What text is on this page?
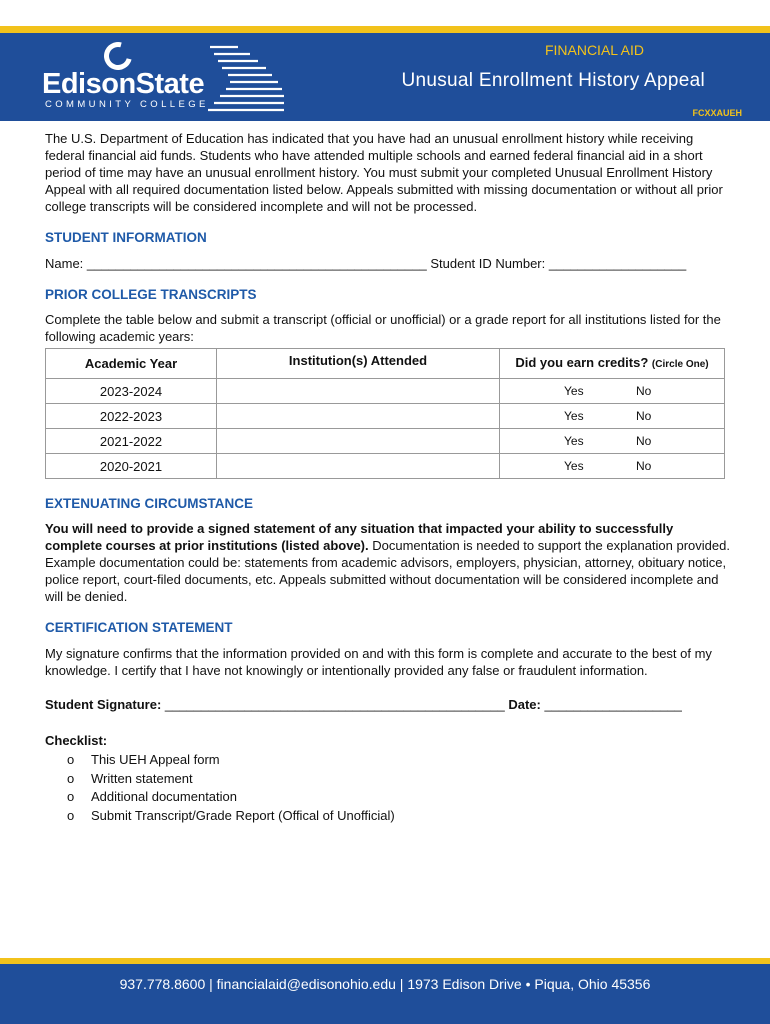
EdisonState
COMMUNITY COLLEGE
FINANCIAL AID
Unusual Enrollment History Appeal
FCXXAUEH

The U.S. Department of Education has indicated that you have had an unusual enrollment history while receiving federal financial aid funds. Students who have attended multiple schools and earned federal financial aid in a short period of time may have an unusual enrollment history. You must submit your completed Unusual Enrollment History Appeal with all required documentation listed below. Appeals submitted with missing documentation or without all prior college transcripts will be considered incomplete and will not be processed.

STUDENT INFORMATION

Name: _______________________________________________ Student ID Number: ___________________

PRIOR COLLEGE TRANSCRIPTS

Complete the table below and submit a transcript (official or unofficial) or a grade report for all institutions listed for the following academic years:

Academic Year	Institution(s) Attended	Did you earn credits? (Circle One)
2023-2024		Yes No
2022-2023		Yes No
2021-2022		Yes No
2020-2021		Yes No

EXTENUATING CIRCUMSTANCE

You will need to provide a signed statement of any situation that impacted your ability to successfully complete courses at prior institutions (listed above). Documentation is needed to support the explanation provided. Example documentation could be: statements from academic advisors, employers, physician, attorney, obituary notice, police report, court-filed documents, etc. Appeals submitted without documentation will be considered incomplete and will be denied.

CERTIFICATION STATEMENT

My signature confirms that the information provided on and with this form is complete and accurate to the best of my knowledge. I certify that I have not knowingly or intentionally provided any false or fraudulent information.

Student Signature: _______________________________________________ Date: ___________________
Checklist:
o This UEH Appeal form
o Written statement
o Additional documentation
o Submit Transcript/Grade Report (Offical of Unofficial)
937.778.8600 | financialaid@edisonohio.edu | 1973 Edison Drive • Piqua, Ohio 45356
